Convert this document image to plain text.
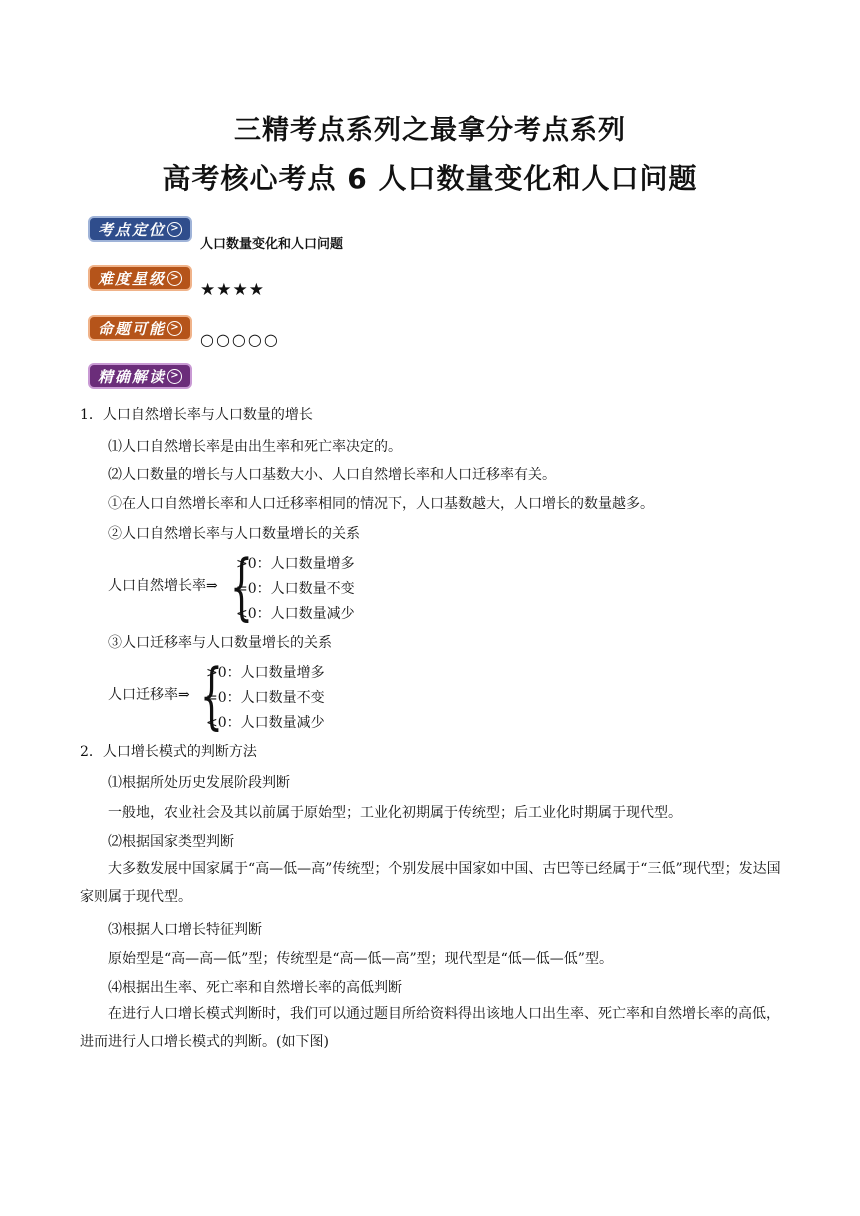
三精考点系列之最拿分考点系列
高考核心考点 6 人口数量变化和人口问题
考点定位 >
人口数量变化和人口问题
难度星级 >
★★★★
命题可能 >
○○○○○
精确解读 >
1．人口自然增长率与人口数量的增长
⑴人口自然增长率是由出生率和死亡率决定的。
⑵人口数量的增长与人口基数大小、人口自然增长率和人口迁移率有关。
①在人口自然增长率和人口迁移率相同的情况下，人口基数越大，人口增长的数量越多。
②人口自然增长率与人口数量增长的关系
人口自然增长率⇒ {
>0：人口数量增多
=0：人口数量不变
<0：人口数量减少
③人口迁移率与人口数量增长的关系
人口迁移率⇒ {
>0：人口数量增多
=0：人口数量不变
<0：人口数量减少
2．人口增长模式的判断方法
⑴根据所处历史发展阶段判断
一般地，农业社会及其以前属于原始型；工业化初期属于传统型；后工业化时期属于现代型。
⑵根据国家类型判断
大多数发展中国家属于“高—低—高”传统型；个别发展中国家如中国、古巴等已经属于“三低”现代型；发达国家则属于现代型。
⑶根据人口增长特征判断
原始型是“高—高—低”型；传统型是“高—低—高”型；现代型是“低—低—低”型。
⑷根据出生率、死亡率和自然增长率的高低判断
在进行人口增长模式判断时，我们可以通过题目所给资料得出该地人口出生率、死亡率和自然增长率的高低，进而进行人口增长模式的判断。(如下图)
